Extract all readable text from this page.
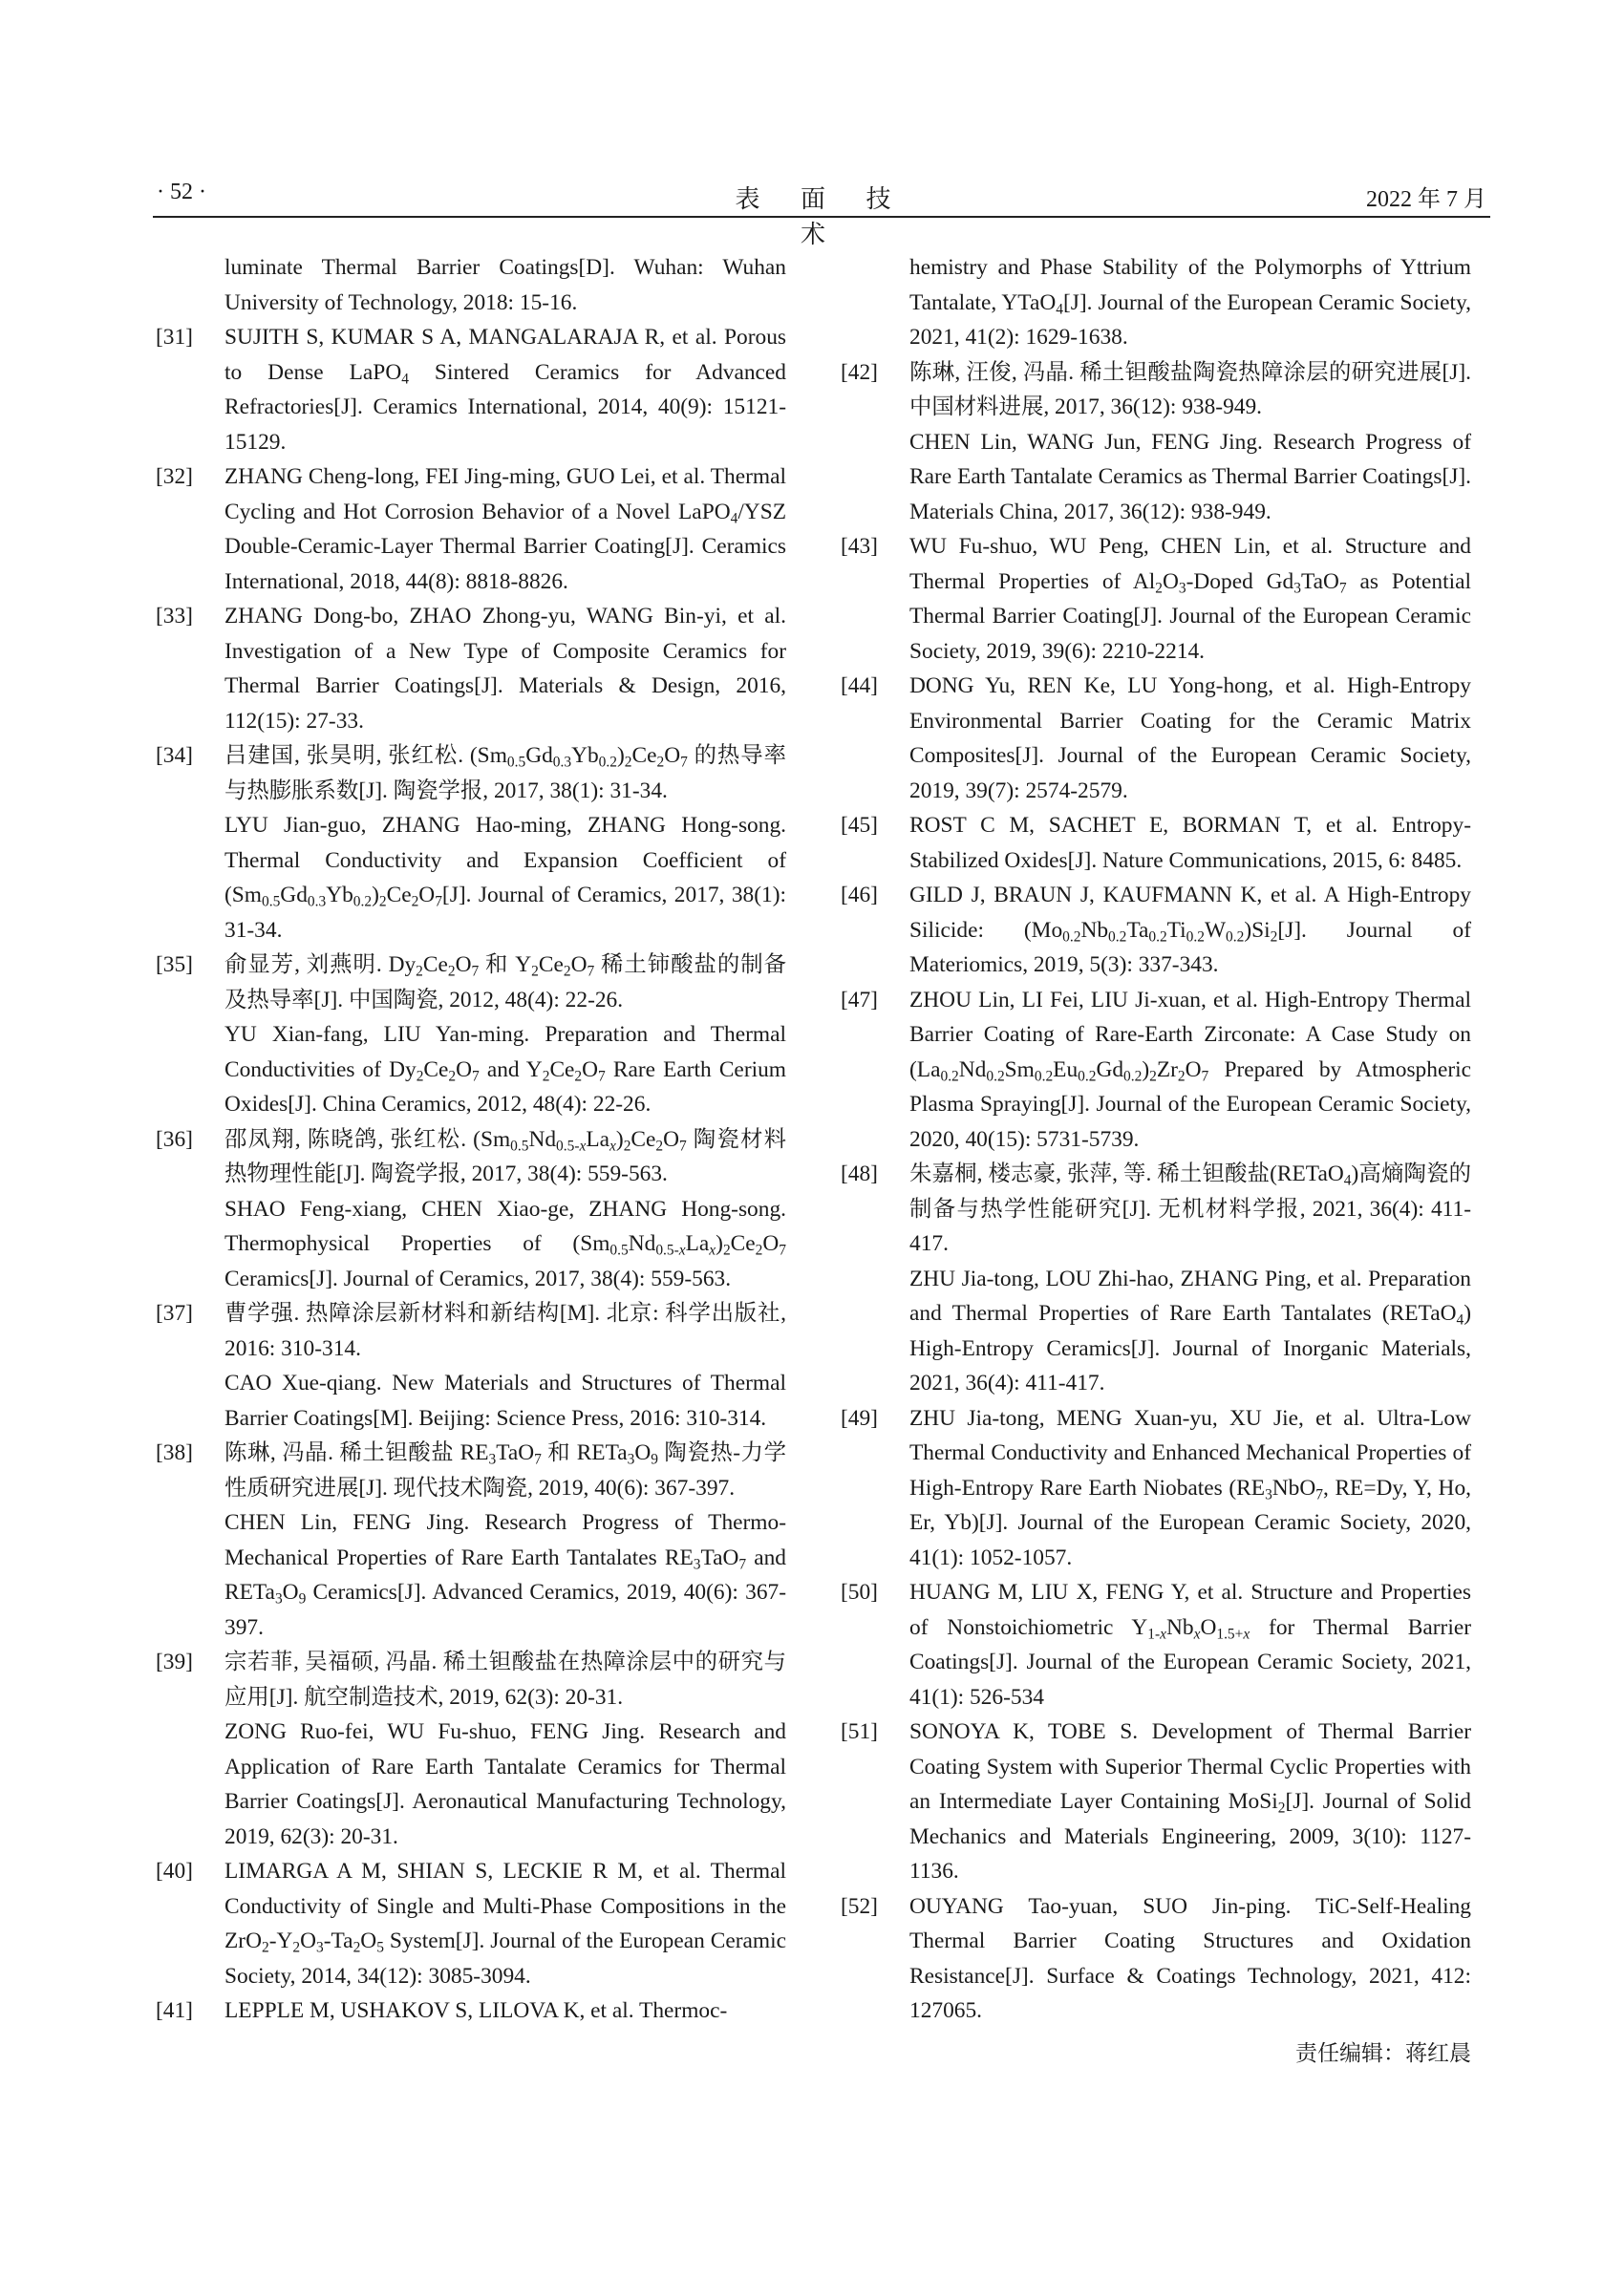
· 52 ·	表 面 技 术
2022 年 7 月

luminate Thermal Barrier Coatings[D]. Wuhan: Wuhan University of Technology, 2018: 15-16.

[31] SUJITH S, KUMAR S A, MANGALARAJA R, et al. Porous to Dense LaPO$_4$ Sintered Ceramics for Advanced Refractories[J]. Ceramics International, 2014, 40(9): 15121-15129.

[32] ZHANG Cheng-long, FEI Jing-ming, GUO Lei, et al. Thermal Cycling and Hot Corrosion Behavior of a Novel LaPO$_4$/YSZ Double-Ceramic-Layer Thermal Barrier Coating[J]. Ceramics International, 2018, 44(8): 8818-8826.

[33] ZHANG Dong-bo, ZHAO Zhong-yu, WANG Bin-yi, et al. Investigation of a New Type of Composite Ceramics for Thermal Barrier Coatings[J]. Materials & Design, 2016, 112(15): 27-33.

[34] 吕建国, 张昊明, 张红松. $(Sm_{0.5}Gd_{0.3}Yb_{0.2})_2Ce_2O_7$ 的热导率与热膨胀系数[J]. 陶瓷学报, 2017, 38(1): 31-34.

LYU Jian-guo, ZHANG Hao-ming, ZHANG Hong-song. Thermal Conductivity and Expansion Coefficient of $(Sm_{0.5}Gd_{0.3}Yb_{0.2})_2Ce_2O_7[J]$. Journal of Ceramics, 2017, 38(1): 31-34.

[35] 俞显芳, 刘燕明. $Dy_2Ce_2O_7$ 和 $Y_2Ce_2O_7$ 稀土铈酸盐的制备及热导率[J]. 中国陶瓷, 2012, 48(4): 22-26.

YU Xian-fang, LIU Yan-ming. Preparation and Thermal Conductivities of $Dy_2Ce_2O_7$ and $Y_2Ce_2O_7$ Rare Earth Cerium Oxides[J]. China Ceramics, 2012, 48(4): 22-26.

[36] 邵凤翔, 陈晓鸽, 张红松. $(Sm_{0.5}Nd_{0.5-x}La_x)_2Ce_2O_7$ 陶瓷材料热物理性能[J]. 陶瓷学报, 2017, 38(4): 559-563.

SHAO Feng-xiang, CHEN Xiao-ge, ZHANG Hong-song. Thermophysical Properties of $(Sm_{0.5}Nd_{0.5-x}La_x)_2Ce_2O_7$ Ceramics[J]. Journal of Ceramics, 2017, 38(4): 559-563.

[37] 曹学强. 热障涂层新材料和新结构[M]. 北京: 科学出版社, 2016: 310-314.

CAO Xue-qiang. New Materials and Structures of Thermal Barrier Coatings[M]. Beijing: Science Press, 2016: 310-314.

[38] 陈琳, 冯晶. 稀土钽酸盐 $RE_3TaO_7$ 和 $RETa_3O_9$ 陶瓷热-力学性质研究进展[J]. 现代技术陶瓷, 2019, 40(6): 367-397.

CHEN Lin, FENG Jing. Research Progress of Thermo-Mechanical Properties of Rare Earth Tantalates $RE_3TaO_7$ and $RETa_3O_9$ Ceramics[J]. Advanced Ceramics, 2019, 40(6): 367-397.

[39] 宗若菲, 吴福硕, 冯晶. 稀土钽酸盐在热障涂层中的研究与应用[J]. 航空制造技术, 2019, 62(3): 20-31.

ZONG Ruo-fei, WU Fu-shuo, FENG Jing. Research and Application of Rare Earth Tantalate Ceramics for Thermal Barrier Coatings[J]. Aeronautical Manufacturing Technology, 2019, 62(3): 20-31.

[40] LIMARGA A M, SHIAN S, LECKIE R M, et al. Thermal Conductivity of Single and Multi-Phase Compositions in the $ZrO_2-Y_2O_3-Ta_2O_5$ System[J]. Journal of the European Ceramic Society, 2014, 34(12): 3085-3094.

[41] LEPPLE M, USHAKOV S, LILOVA K, et al. Thermoc-

hemistry and Phase Stability of the Polymorphs of Yttrium Tantalate, YTaO$_4$[J]. Journal of the European Ceramic Society, 2021, 41(2): 1629-1638.

[42] 陈琳, 汪俊, 冯晶. 稀土钽酸盐陶瓷热障涂层的研究进展[J]. 中国材料进展, 2017, 36(12): 938-949.

CHEN Lin, WANG Jun, FENG Jing. Research Progress of Rare Earth Tantalate Ceramics as Thermal Barrier Coatings[J]. Materials China, 2017, 36(12): 938-949.

[43] WU Fu-shuo, WU Peng, CHEN Lin, et al. Structure and Thermal Properties of $Al_2O_3$-Doped $Gd_3TaO_7$ as Potential Thermal Barrier Coating[J]. Journal of the European Ceramic Society, 2019, 39(6): 2210-2214.

[44] DONG Yu, REN Ke, LU Yong-hong, et al. High-Entropy Environmental Barrier Coating for the Ceramic Matrix Composites[J]. Journal of the European Ceramic Society, 2019, 39(7): 2574-2579.

[45] ROST C M, SACHET E, BORMAN T, et al. Entropy-Stabilized Oxides[J]. Nature Communications, 2015, 6: 8485.

[46] GILD J, BRAUN J, KAUFMANN K, et al. A High-Entropy Silicide: $(Mo_{0.2}Nb_{0.2}Ta_{0.2}Ti_{0.2}W_{0.2})Si_2[J]$. Journal of Materiomics, 2019, 5(3): 337-343.

[47] ZHOU Lin, LI Fei, LIU Ji-xuan, et al. High-Entropy Thermal Barrier Coating of Rare-Earth Zirconate: A Case Study on $(La_{0.2}Nd_{0.2}Sm_{0.2}Eu_{0.2}Gd_{0.2})_2Zr_2O_7$ Prepared by Atmospheric Plasma Spraying[J]. Journal of the European Ceramic Society, 2020, 40(15): 5731-5739.

[48] 朱嘉桐, 楼志豪, 张萍, 等. 稀土钽酸盐(RETaO$_4$)高熵陶瓷的制备与热学性能研究[J]. 无机材料学报, 2021, 36(4): 411-417.

ZHU Jia-tong, LOU Zhi-hao, ZHANG Ping, et al. Preparation and Thermal Properties of Rare Earth Tantalates (RETaO$_4$) High-Entropy Ceramics[J]. Journal of Inorganic Materials, 2021, 36(4): 411-417.

[49] ZHU Jia-tong, MENG Xuan-yu, XU Jie, et al. Ultra-Low Thermal Conductivity and Enhanced Mechanical Properties of High-Entropy Rare Earth Niobates ($RE_3NbO_7$, RE=Dy, Y, Ho, Er, Yb)[J]. Journal of the European Ceramic Society, 2020, 41(1): 1052-1057.

[50] HUANG M, LIU X, FENG Y, et al. Structure and Properties of Nonstoichiometric $Y_{1-x}Nb_xO_{1.5+x}$ for Thermal Barrier Coatings[J]. Journal of the European Ceramic Society, 2021, 41(1): 526-534

[51] SONOYA K, TOBE S. Development of Thermal Barrier Coating System with Superior Thermal Cyclic Properties with an Intermediate Layer Containing MoSi$_2$[J]. Journal of Solid Mechanics and Materials Engineering, 2009, 3(10): 1127-1136.

[52] OUYANG Tao-yuan, SUO Jin-ping. TiC-Self-Healing Thermal Barrier Coating Structures and Oxidation Resistance[J]. Surface & Coatings Technology, 2021, 412: 127065.

责任编辑：蒋红晨
